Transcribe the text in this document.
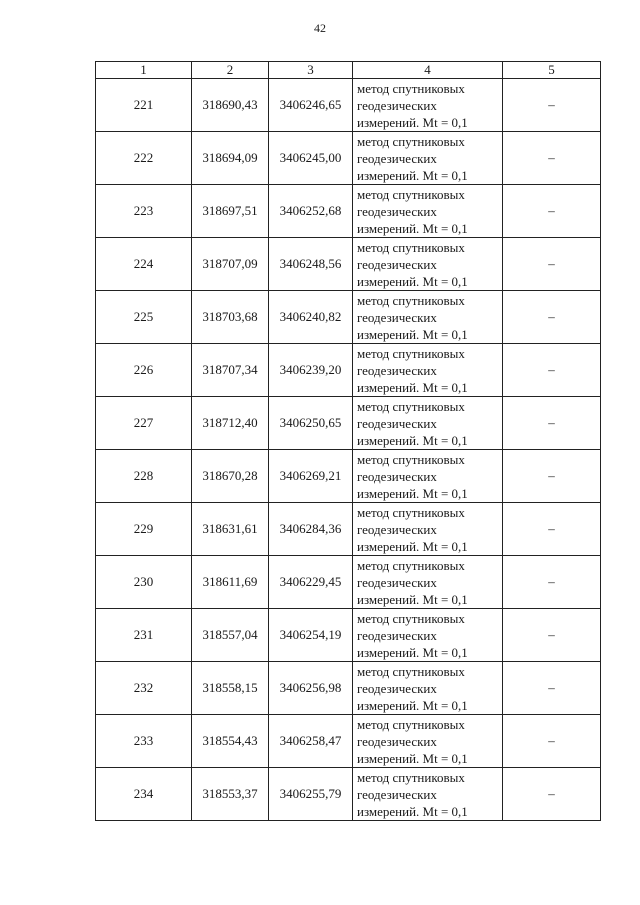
42
1	2	3	4	5
221	318690,43	3406246,65	метод спутниковых
геодезических
измерений. Mt = 0,1	–
222	318694,09	3406245,00	метод спутниковых
геодезических
измерений. Mt = 0,1	–
223	318697,51	3406252,68	метод спутниковых
геодезических
измерений. Mt = 0,1	–
224	318707,09	3406248,56	метод спутниковых
геодезических
измерений. Mt = 0,1	–
225	318703,68	3406240,82	метод спутниковых
геодезических
измерений. Mt = 0,1	–
226	318707,34	3406239,20	метод спутниковых
геодезических
измерений. Mt = 0,1	–
227	318712,40	3406250,65	метод спутниковых
геодезических
измерений. Mt = 0,1	–
228	318670,28	3406269,21	метод спутниковых
геодезических
измерений. Mt = 0,1	–
229	318631,61	3406284,36	метод спутниковых
геодезических
измерений. Mt = 0,1	–
230	318611,69	3406229,45	метод спутниковых
геодезических
измерений. Mt = 0,1	–
231	318557,04	3406254,19	метод спутниковых
геодезических
измерений. Mt = 0,1	–
232	318558,15	3406256,98	метод спутниковых
геодезических
измерений. Mt = 0,1	–
233	318554,43	3406258,47	метод спутниковых
геодезических
измерений. Mt = 0,1	–
234	318553,37	3406255,79	метод спутниковых
геодезических
измерений. Mt = 0,1	–
